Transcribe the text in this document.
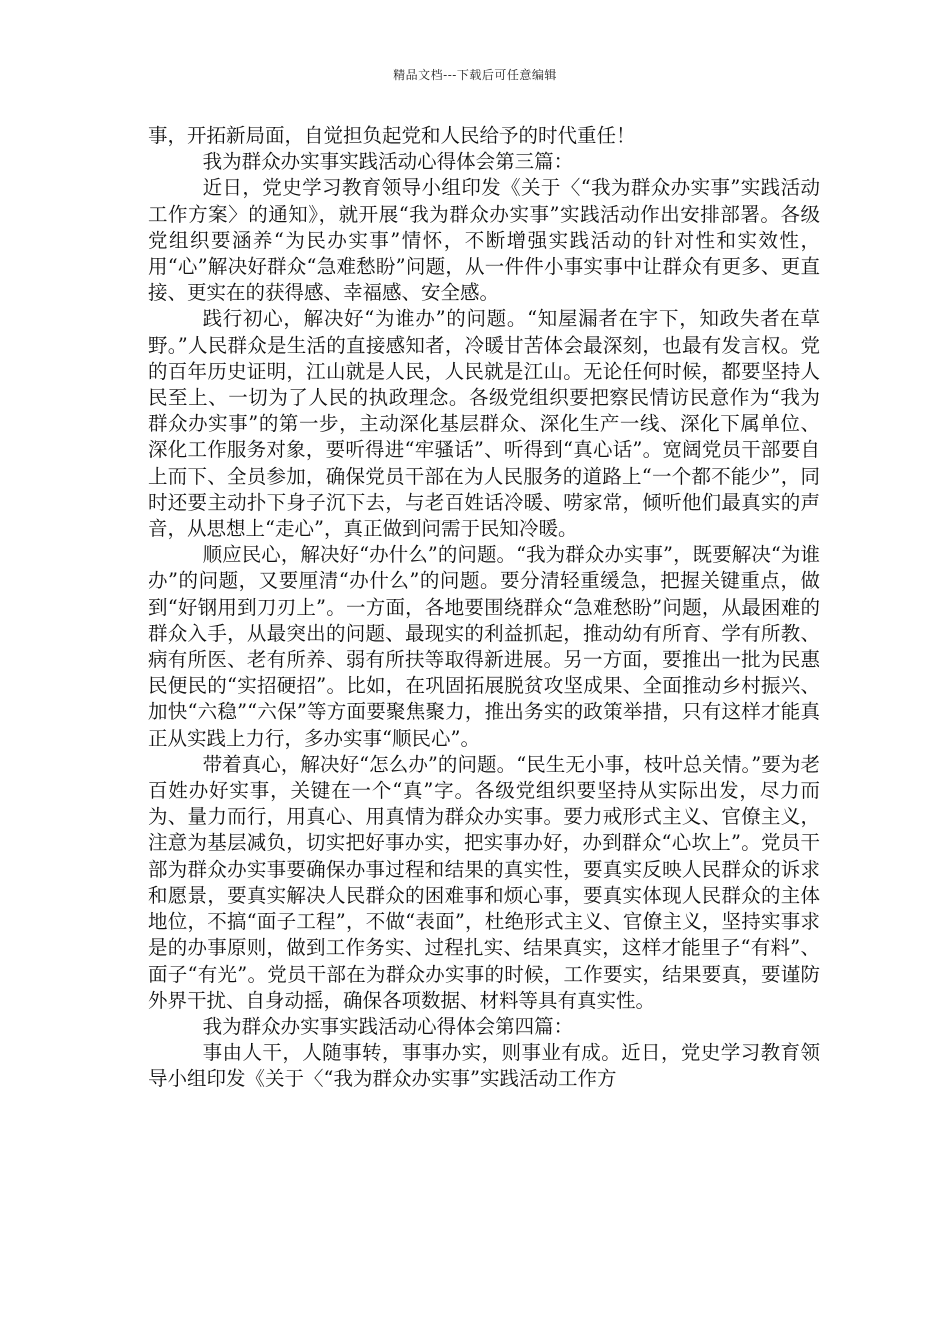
精品文档---下载后可任意编辑

事，开拓新局面，自觉担负起党和人民给予的时代重任！

我为群众办实事实践活动心得体会第三篇：

近日，党史学习教育领导小组印发《关于〈“我为群众办实事”实践活动工作方案〉的通知》，就开展“我为群众办实事”实践活动作出安排部署。各级党组织要涵养“为民办实事”情怀，不断增强实践活动的针对性和实效性，用“心”解决好群众“急难愁盼”问题，从一件件小事实事中让群众有更多、更直接、更实在的获得感、幸福感、安全感。

践行初心，解决好“为谁办”的问题。“知屋漏者在宇下，知政失者在草野。”人民群众是生活的直接感知者，冷暖甘苦体会最深刻，也最有发言权。党的百年历史证明，江山就是人民，人民就是江山。无论任何时候，都要坚持人民至上、一切为了人民的执政理念。各级党组织要把察民情访民意作为“我为群众办实事”的第一步，主动深化基层群众、深化生产一线、深化下属单位、深化工作服务对象，要听得进“牢骚话”、听得到“真心话”。宽阔党员干部要自上而下、全员参加，确保党员干部在为人民服务的道路上“一个都不能少”，同时还要主动扑下身子沉下去，与老百姓话冷暖、唠家常，倾听他们最真实的声音，从思想上“走心”，真正做到问需于民知冷暖。

顺应民心，解决好“办什么”的问题。“我为群众办实事”，既要解决“为谁办”的问题，又要厘清“办什么”的问题。要分清轻重缓急，把握关键重点，做到“好钢用到刀刃上”。一方面，各地要围绕群众“急难愁盼”问题，从最困难的群众入手，从最突出的问题、最现实的利益抓起，推动幼有所育、学有所教、病有所医、老有所养、弱有所扶等取得新进展。另一方面，要推出一批为民惠民便民的“实招硬招”。比如，在巩固拓展脱贫攻坚成果、全面推动乡村振兴、加快“六稳”“六保”等方面要聚焦聚力，推出务实的政策举措，只有这样才能真正从实践上力行，多办实事“顺民心”。

带着真心，解决好“怎么办”的问题。“民生无小事，枝叶总关情。”要为老百姓办好实事，关键在一个“真”字。各级党组织要坚持从实际出发，尽力而为、量力而行，用真心、用真情为群众办实事。要力戒形式主义、官僚主义，注意为基层减负，切实把好事办实，把实事办好，办到群众“心坎上”。党员干部为群众办实事要确保办事过程和结果的真实性，要真实反映人民群众的诉求和愿景，要真实解决人民群众的困难事和烦心事，要真实体现人民群众的主体地位，不搞“面子工程”，不做“表面”，杜绝形式主义、官僚主义，坚持实事求是的办事原则，做到工作务实、过程扎实、结果真实，这样才能里子“有料”、面子“有光”。党员干部在为群众办实事的时候，工作要实，结果要真，要谨防外界干扰、自身动摇，确保各项数据、材料等具有真实性。

我为群众办实事实践活动心得体会第四篇：

事由人干，人随事转，事事办实，则事业有成。近日，党史学习教育领导小组印发《关于〈“我为群众办实事”实践活动工作方
